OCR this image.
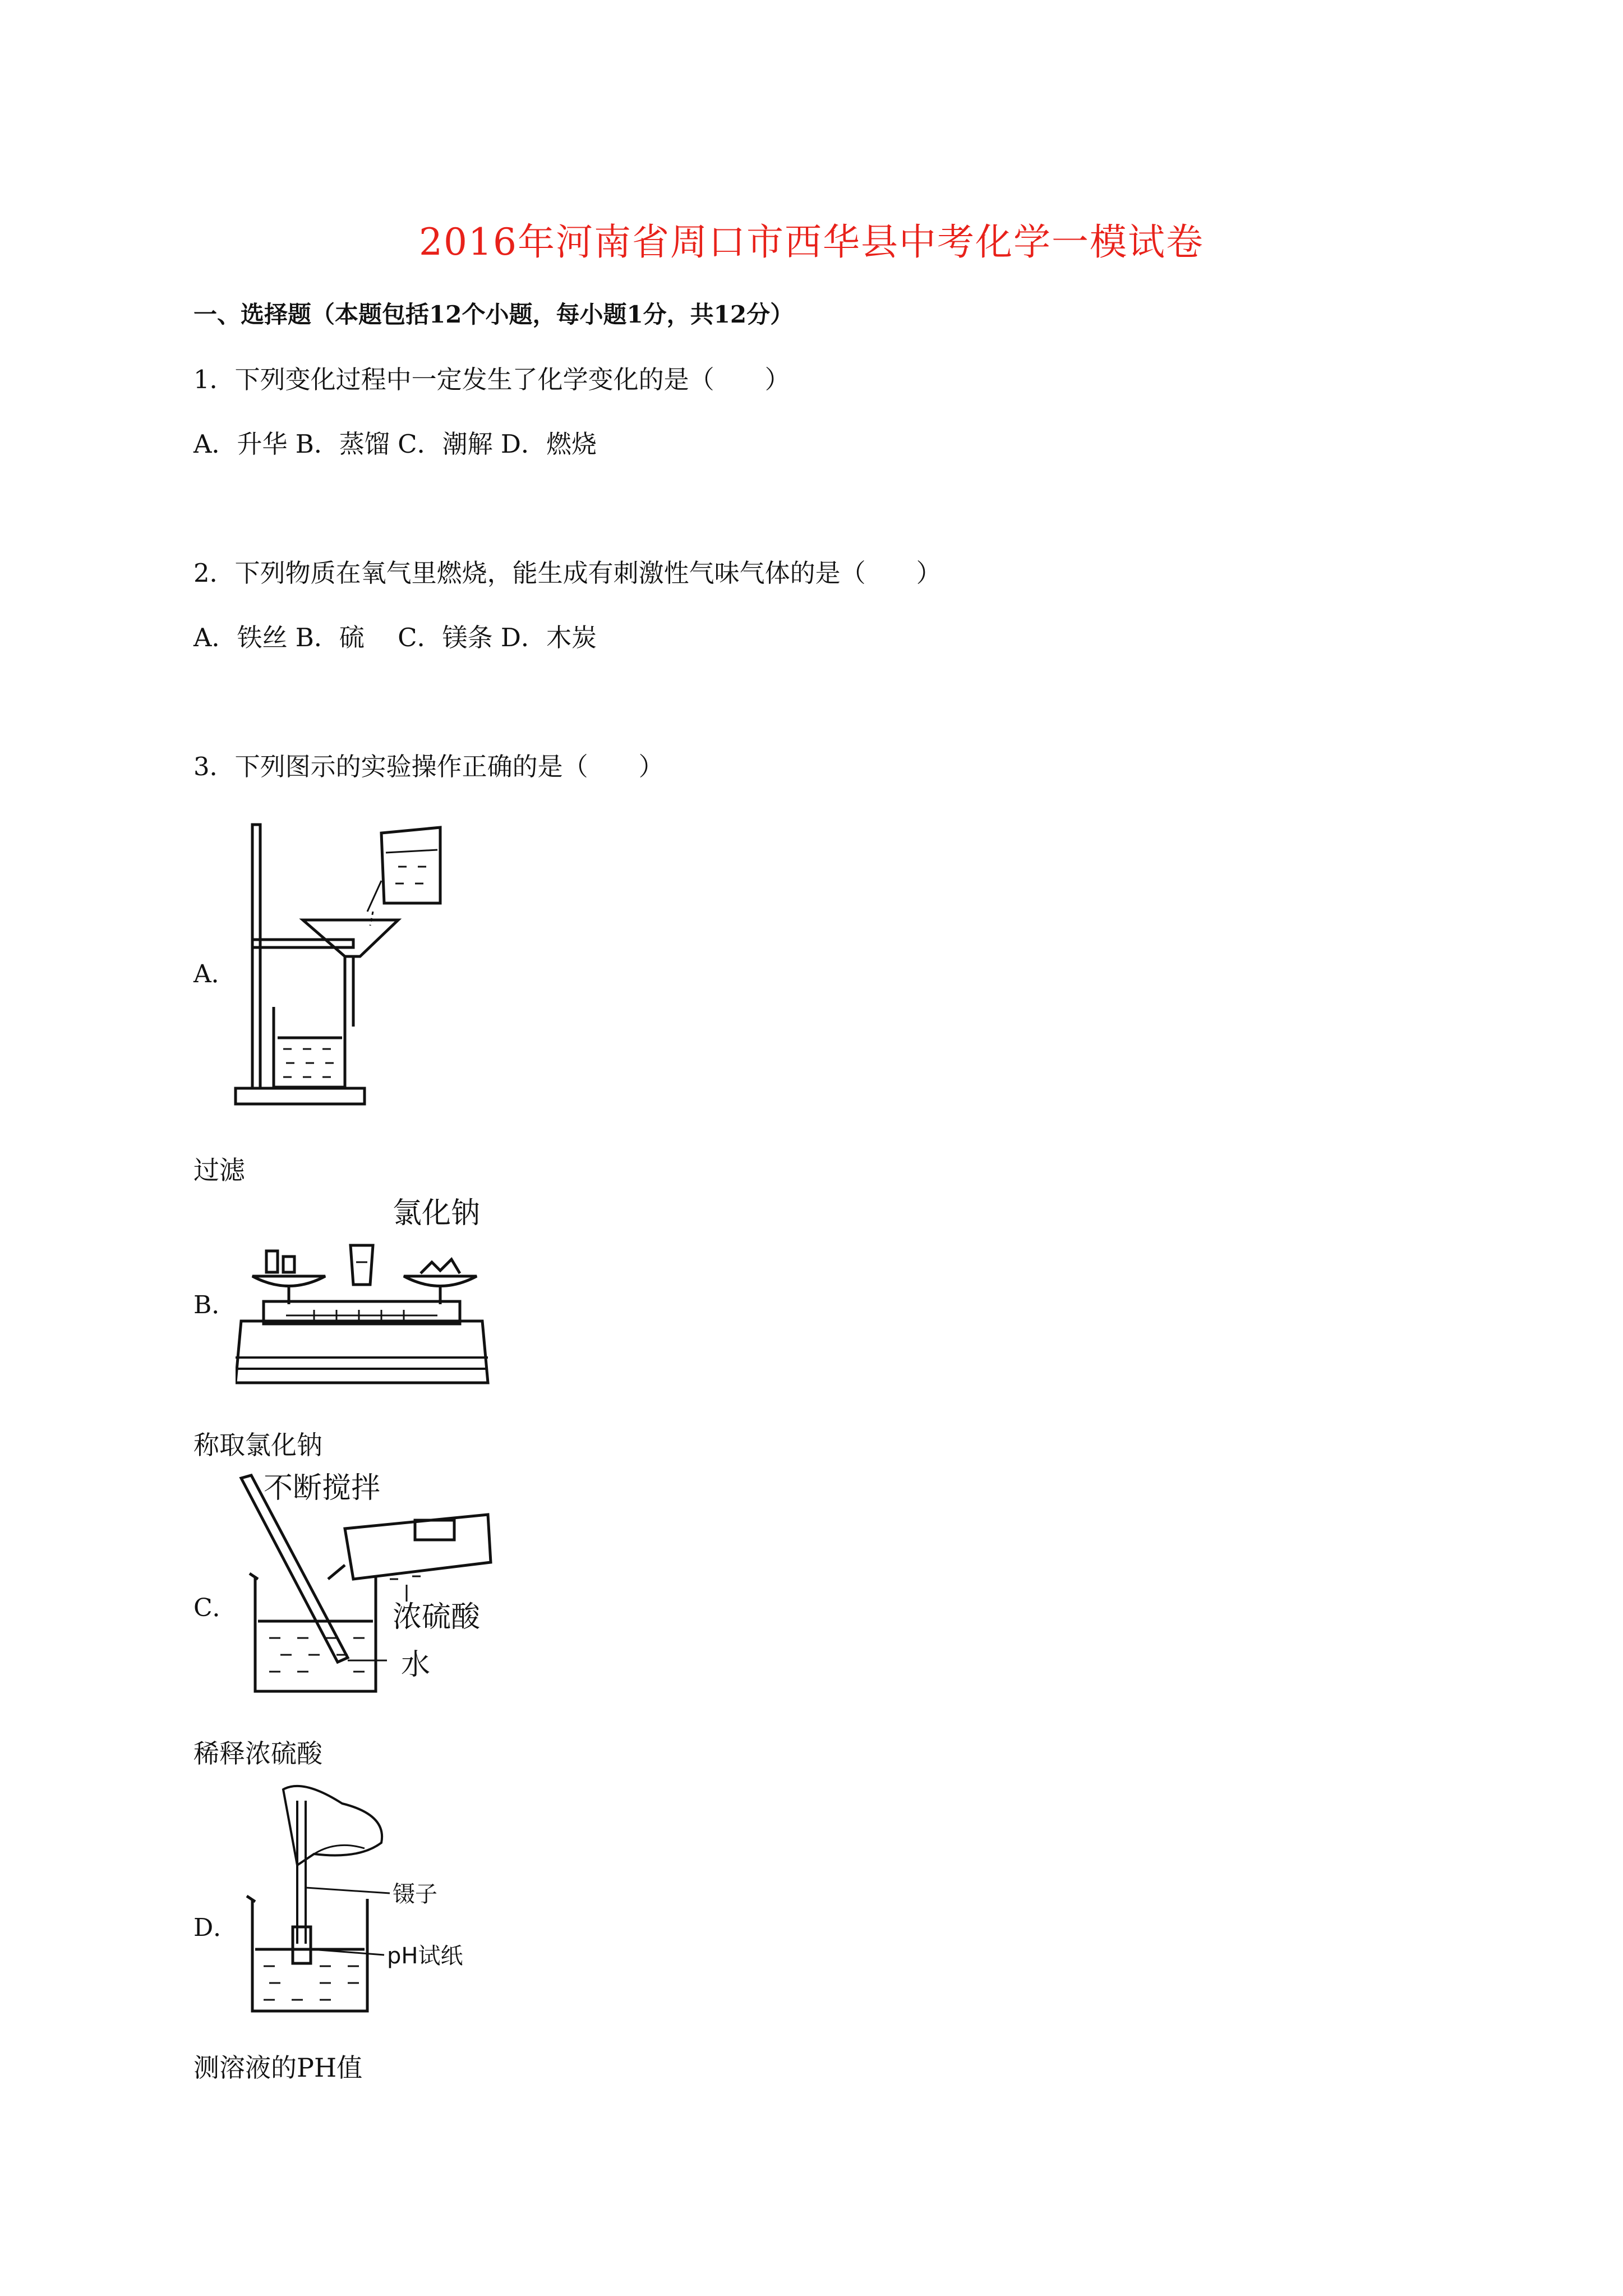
2016年河南省周口市西华县中考化学一模试卷
一、选择题（本题包括12个小题，每小题1分，共12分）
1．下列变化过程中一定发生了化学变化的是（　　）
A．升华 B．蒸馏 C．潮解 D．燃烧
2．下列物质在氧气里燃烧，能生成有刺激性气味气体的是（　　）
A．铁丝 B．硫　 C．镁条 D．木炭
3．下列图示的实验操作正确的是（　　）
A．
过滤
B．
氯化钠
称取氯化钠
C．
不断搅拌
浓硫酸
水
稀释浓硫酸
D．
镊子
pH试纸
测溶液的PH值
